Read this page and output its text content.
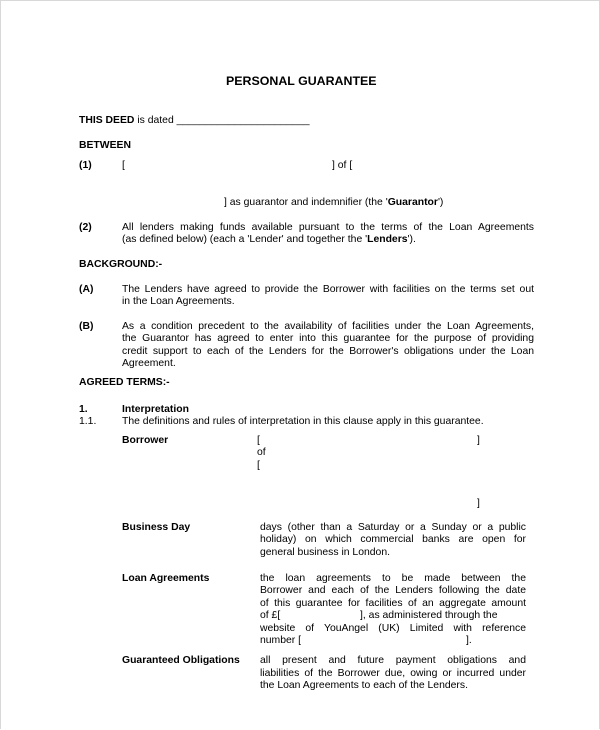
PERSONAL GUARANTEE
THIS DEED is dated _______________________
BETWEEN
(1)	[	] of [
] as guarantor and indemnifier (the 'Guarantor')
(2)	All lenders making funds available pursuant to the terms of the Loan Agreements
(as defined below) (each a 'Lender' and together the 'Lenders').
BACKGROUND:-
(A)	The Lenders have agreed to provide the Borrower with facilities on the terms set out
in the Loan Agreements.
(B)	As a condition precedent to the availability of facilities under the Loan Agreements,
the Guarantor has agreed to enter into this guarantee for the purpose of providing
credit support to each of the Lenders for the Borrower's obligations under the Loan
Agreement.
AGREED TERMS:-
1.	Interpretation
1.1. The definitions and rules of interpretation in this clause apply in this guarantee.
Borrower	[	]
of
[
]
Business Day	days (other than a Saturday or a Sunday or a public
holiday) on which commercial banks are open for
general business in London.
Loan Agreements	the loan agreements to be made between the
Borrower and each of the Lenders following the date
of this guarantee for facilities of an aggregate amount
of £[	], as administered through the
website of YouAngel (UK) Limited with reference
number [	].
Guaranteed Obligations all present and future payment obligations and
liabilities of the Borrower due, owing or incurred under
the Loan Agreements to each of the Lenders.
